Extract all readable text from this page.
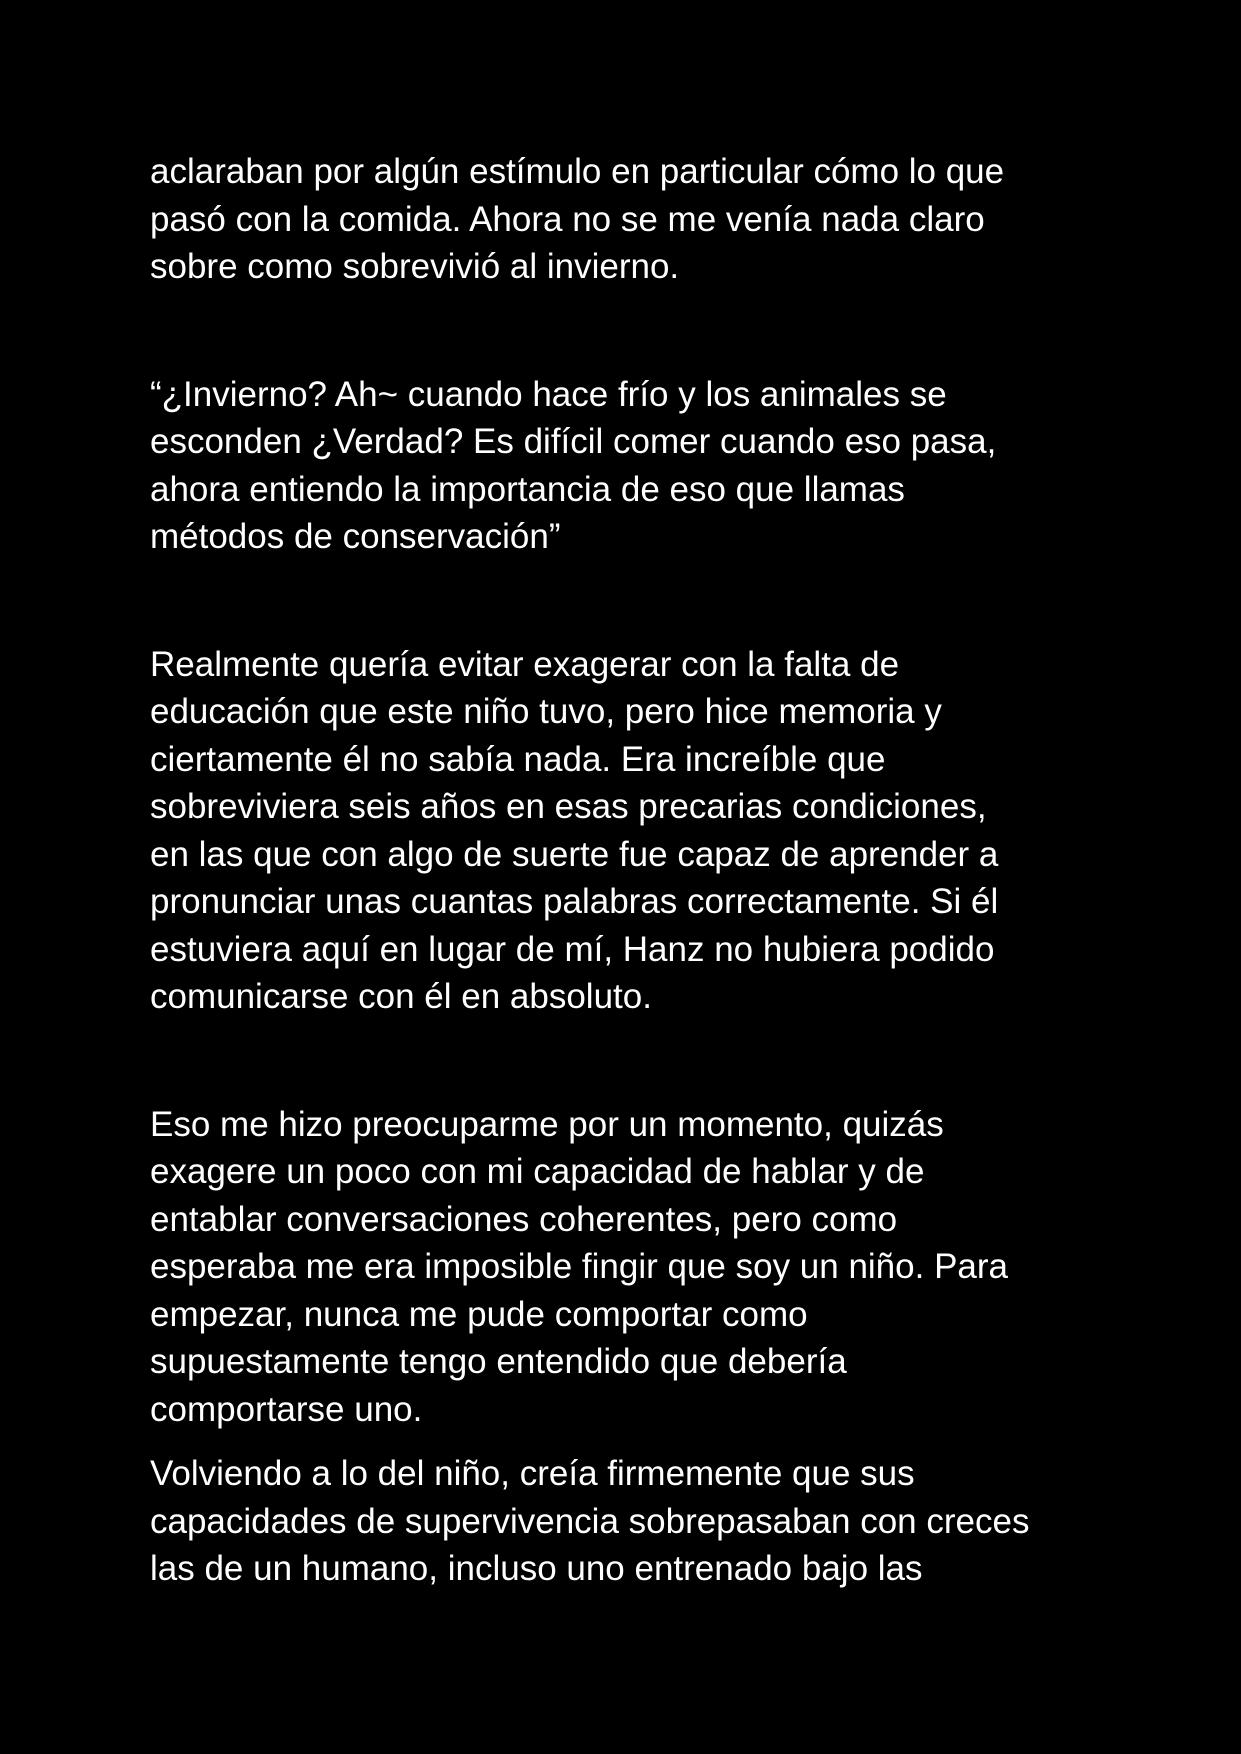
aclaraban por algún estímulo en particular cómo lo que
pasó con la comida. Ahora no se me venía nada claro
sobre como sobrevivió al invierno.

“¿Invierno? Ah~ cuando hace frío y los animales se
esconden ¿Verdad? Es difícil comer cuando eso pasa,
ahora entiendo la importancia de eso que llamas
métodos de conservación”

Realmente quería evitar exagerar con la falta de
educación que este niño tuvo, pero hice memoria y
ciertamente él no sabía nada. Era increíble que
sobreviviera seis años en esas precarias condiciones,
en las que con algo de suerte fue capaz de aprender a
pronunciar unas cuantas palabras correctamente. Si él
estuviera aquí en lugar de mí, Hanz no hubiera podido
comunicarse con él en absoluto.

Eso me hizo preocuparme por un momento, quizás
exagere un poco con mi capacidad de hablar y de
entablar conversaciones coherentes, pero como
esperaba me era imposible fingir que soy un niño. Para
empezar, nunca me pude comportar como
supuestamente tengo entendido que debería
comportarse uno.

Volviendo a lo del niño, creía firmemente que sus
capacidades de supervivencia sobrepasaban con creces
las de un humano, incluso uno entrenado bajo las
